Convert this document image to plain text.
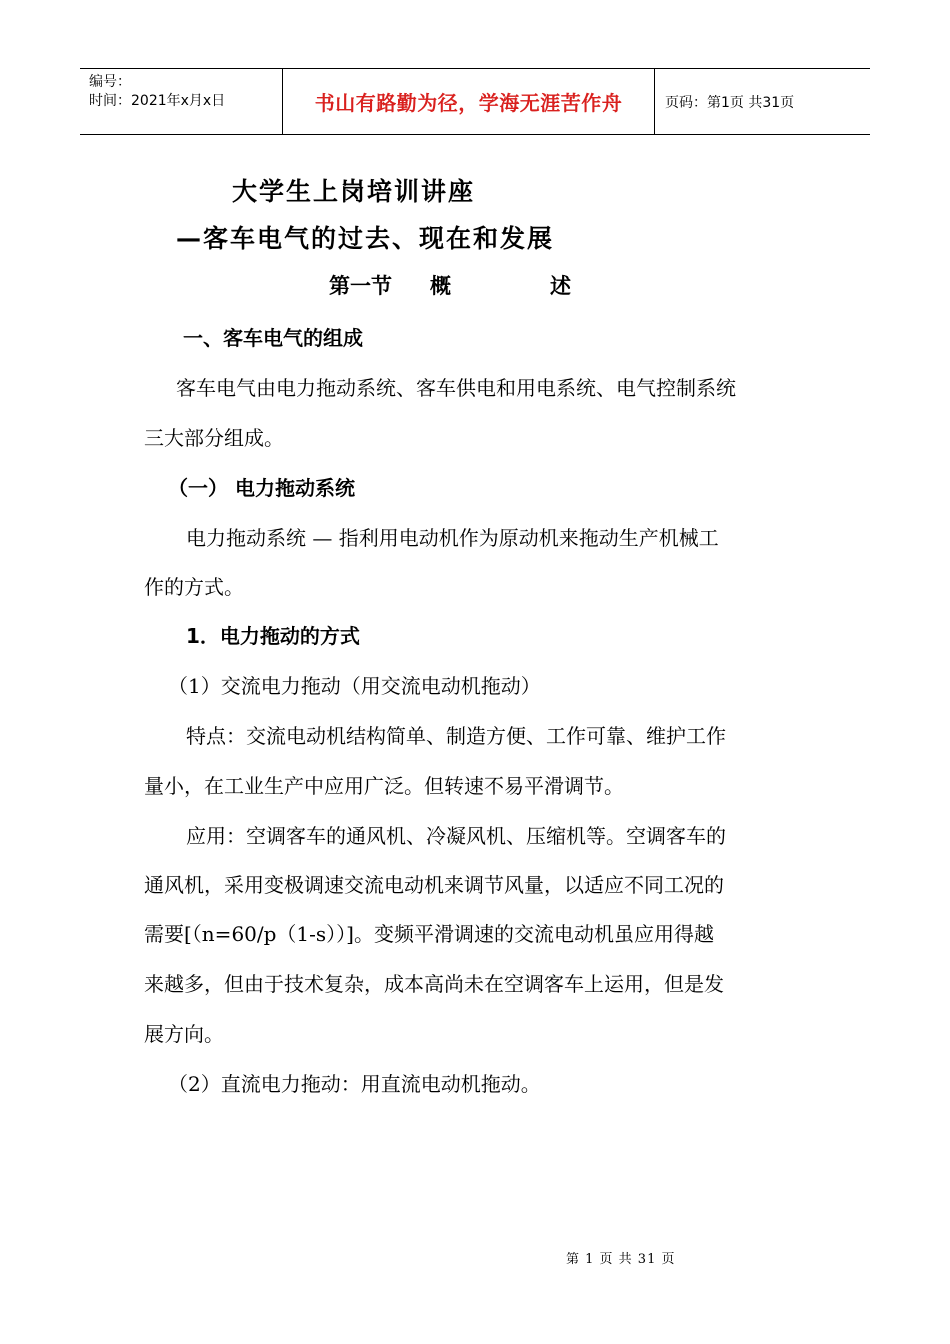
编号：
时间：2021年x月x日	书山有路勤为径，学海无涯苦作舟	页码：第1页 共31页
大学生上岗培训讲座
—客车电气的过去、现在和发展
第一节 概	述
一、客车电气的组成
客车电气由电力拖动系统、客车供电和用电系统、电气控制系统
三大部分组成。
（一） 电力拖动系统
电力拖动系统 — 指利用电动机作为原动机来拖动生产机械工
作的方式。
1．电力拖动的方式
（1）交流电力拖动（用交流电动机拖动）
特点：交流电动机结构简单、制造方便、工作可靠、维护工作
量小，在工业生产中应用广泛。但转速不易平滑调节。
应用：空调客车的通风机、冷凝风机、压缩机等。空调客车的
通风机，采用变极调速交流电动机来调节风量，以适应不同工况的
需要[（n=60/p（1-s））]。变频平滑调速的交流电动机虽应用得越
来越多，但由于技术复杂，成本高尚未在空调客车上运用，但是发
展方向。
（2）直流电力拖动：用直流电动机拖动。
第 1 页 共 31 页
